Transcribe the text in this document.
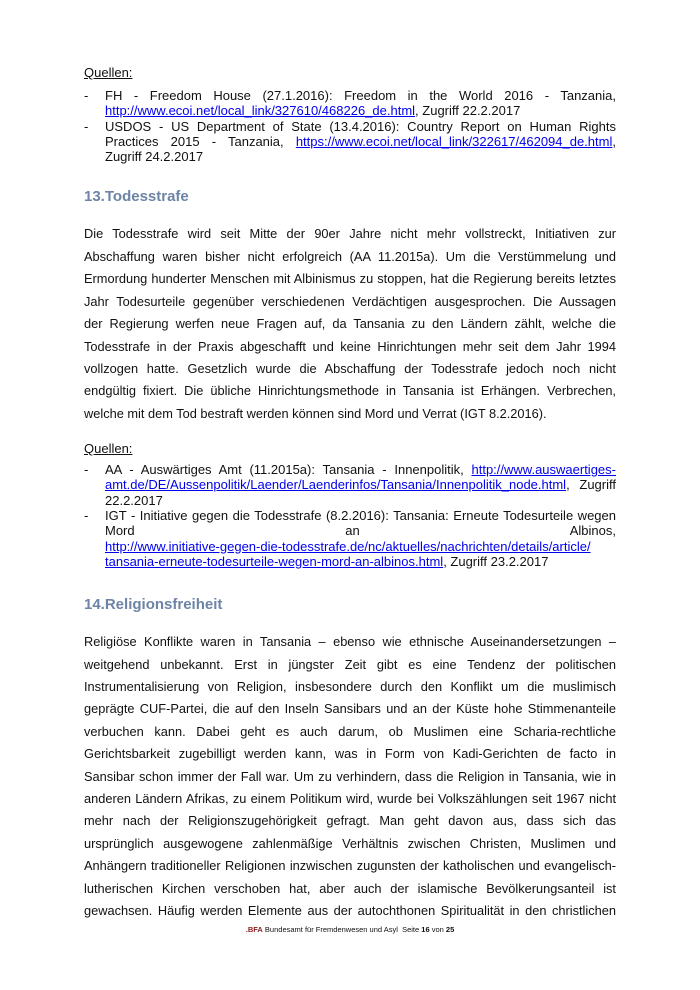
Quellen:
- FH - Freedom House (27.1.2016): Freedom in the World 2016 - Tanzania,
http://www.ecoi.net/local_link/327610/468226_de.html, Zugriff 22.2.2017
- USDOS - US Department of State (13.4.2016): Country Report on Human Rights
Practices 2015 - Tanzania, https://www.ecoi.net/local_link/322617/462094_de.html,
Zugriff 24.2.2017
13.Todesstrafe
Die Todesstrafe wird seit Mitte der 90er Jahre nicht mehr vollstreckt, Initiativen zur
Abschaffung waren bisher nicht erfolgreich (AA 11.2015a). Um die Verstümmelung und
Ermordung hunderter Menschen mit Albinismus zu stoppen, hat die Regierung bereits letztes
Jahr Todesurteile gegenüber verschiedenen Verdächtigen ausgesprochen. Die Aussagen
der Regierung werfen neue Fragen auf, da Tansania zu den Ländern zählt, welche die
Todesstrafe in der Praxis abgeschafft und keine Hinrichtungen mehr seit dem Jahr 1994
vollzogen hatte. Gesetzlich wurde die Abschaffung der Todesstrafe jedoch noch nicht
endgültig fixiert. Die übliche Hinrichtungsmethode in Tansania ist Erhängen. Verbrechen,
welche mit dem Tod bestraft werden können sind Mord und Verrat (IGT 8.2.2016).
Quellen:
- AA - Auswärtiges Amt (11.2015a): Tansania - Innenpolitik, http://www.auswaertiges-
amt.de/DE/Aussenpolitik/Laender/Laenderinfos/Tansania/Innenpolitik_node.html, Zugriff
22.2.2017
- IGT - Initiative gegen die Todesstrafe (8.2.2016): Tansania: Erneute Todesurteile wegen
Mord an Albinos,
http://www.initiative-gegen-die-todesstrafe.de/nc/aktuelles/nachrichten/details/article/
tansania-erneute-todesurteile-wegen-mord-an-albinos.html, Zugriff 23.2.2017
14.Religionsfreiheit
Religiöse Konflikte waren in Tansania – ebenso wie ethnische Auseinandersetzungen –
weitgehend unbekannt. Erst in jüngster Zeit gibt es eine Tendenz der politischen
Instrumentalisierung von Religion, insbesondere durch den Konflikt um die muslimisch
geprägte CUF-Partei, die auf den Inseln Sansibars und an der Küste hohe Stimmenanteile
verbuchen kann. Dabei geht es auch darum, ob Muslimen eine Scharia-rechtliche
Gerichtsbarkeit zugebilligt werden kann, was in Form von Kadi-Gerichten de facto in
Sansibar schon immer der Fall war. Um zu verhindern, dass die Religion in Tansania, wie in
anderen Ländern Afrikas, zu einem Politikum wird, wurde bei Volkszählungen seit 1967 nicht
mehr nach der Religionszugehörigkeit gefragt. Man geht davon aus, dass sich das
ursprünglich ausgewogene zahlenmäßige Verhältnis zwischen Christen, Muslimen und
Anhängern traditioneller Religionen inzwischen zugunsten der katholischen und evangelisch-
lutherischen Kirchen verschoben hat, aber auch der islamische Bevölkerungsanteil ist
gewachsen. Häufig werden Elemente aus der autochthonen Spiritualität in den christlichen
.BFA Bundesamt für Fremdenwesen und Asyl Seite 16 von 25
